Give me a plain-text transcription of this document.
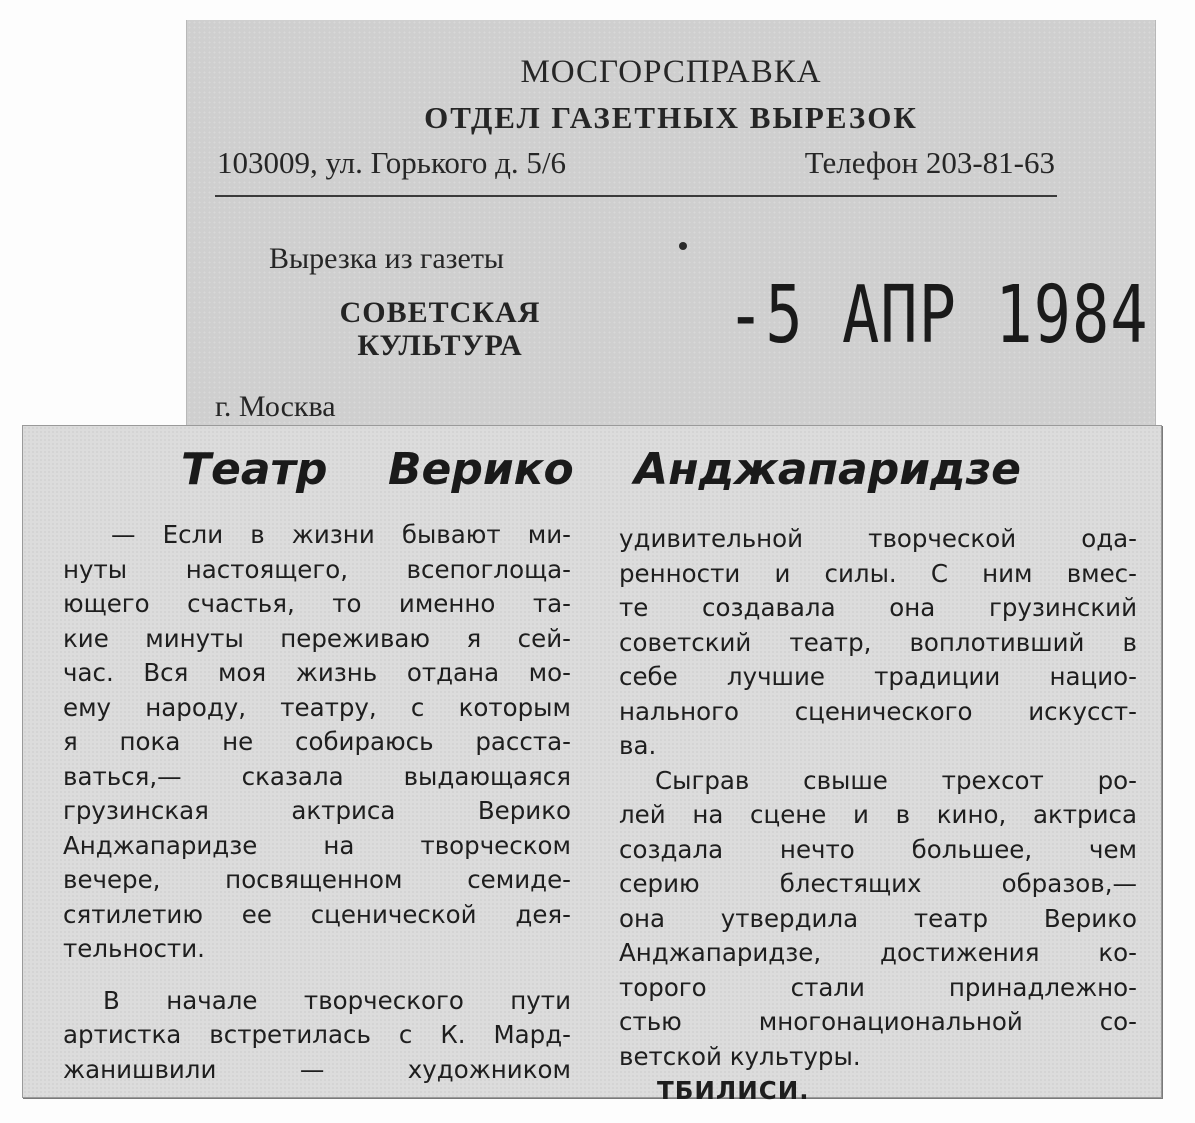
МОСГОРСПРАВКА
ОТДЕЛ ГАЗЕТНЫХ ВЫРЕЗОК
103009, ул. Горького д. 5/6	Телефон 203-81-63
Вырезка из газеты
СОВЕТСКАЯ
КУЛЬТУРА	-5 АПР 1984
г. Москва
Театр Верико Анджапаридзе
— Если в жизни бывают ми-
нуты настоящего, всепоглоща-
ющего счастья, то именно та-
кие минуты переживаю я сей-
час. Вся моя жизнь отдана мо-
ему народу, театру, с которым
я пока не собираюсь расста-
ваться,— сказала выдающаяся
грузинская актриса Верико
Анджапаридзе на творческом
вечере, посвященном семиде-
сятилетию ее сценической дея-
тельности.
В начале творческого пути
артистка встретилась с К. Мард-
жанишвили — художником
удивительной творческой ода-
ренности и силы. С ним вмес-
те создавала она грузинский
советский театр, воплотивший в
себе лучшие традиции нацио-
нального сценического искусст-
ва.
Сыграв свыше трехсот ро-
лей на сцене и в кино, актриса
создала нечто большее, чем
серию блестящих образов,—
она утвердила театр Верико
Анджапаридзе, достижения ко-
торого стали принадлежно-
стью многонациональной со-
ветской культуры.
ТБИЛИСИ.
